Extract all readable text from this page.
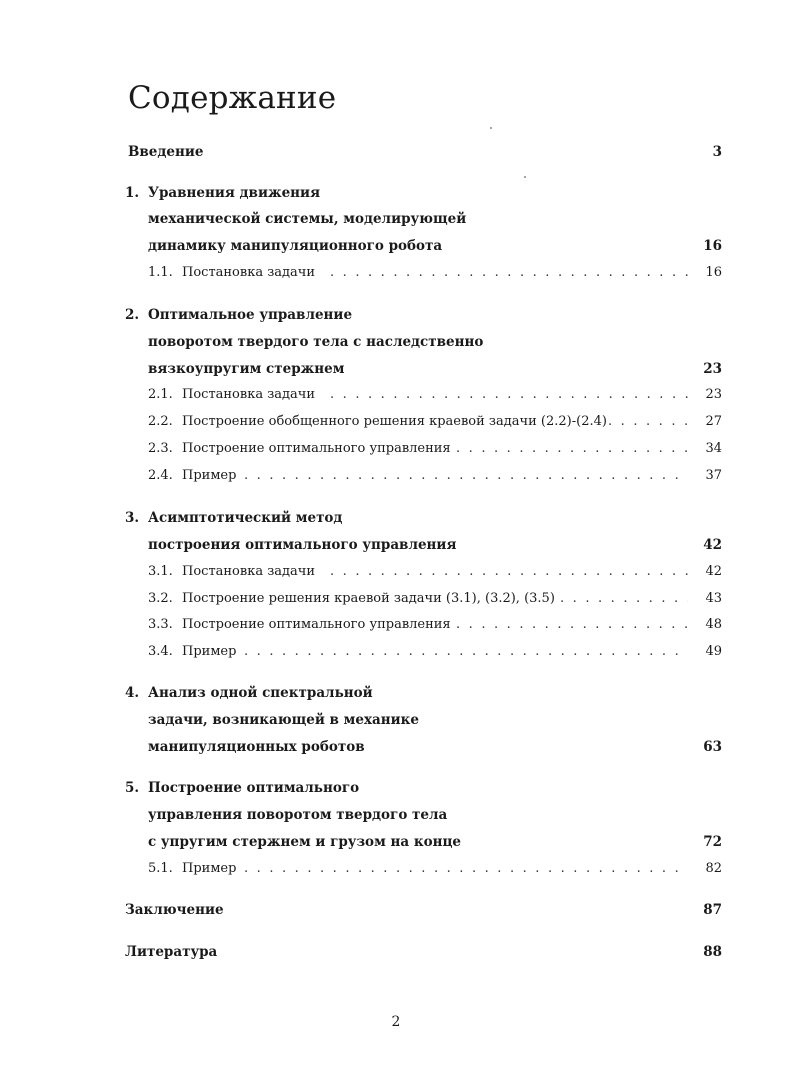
Содержание
Введение	3
1. Уравнения движения
механической системы, моделирующей
динамику манипуляционного робота	16
1.1. Постановка задачи . . .	16
2. Оптимальное управление
поворотом твердого тела с наследственно
вязкоупругим стержнем	23
2.1. Постановка задачи . . .	23
2.2. Построение обобщенного решения краевой задачи (2.2)-(2.4) . . .	27
2.3. Построение оптимального управления . . .	34
2.4. Пример . . .	37
3. Асимптотический метод
построения оптимального управления	42
3.1. Постановка задачи . . .	42
3.2. Построение решения краевой задачи (3.1), (3.2), (3.5) . . .	43
3.3. Построение оптимального управления . . .	48
3.4. Пример . . .	49
4. Анализ одной спектральной
задачи, возникающей в механике
манипуляционных роботов	63
5. Построение оптимального
управления поворотом твердого тела
с упругим стержнем и грузом на конце	72
5.1. Пример . . .	82
Заключение	87
Литература	88
2
